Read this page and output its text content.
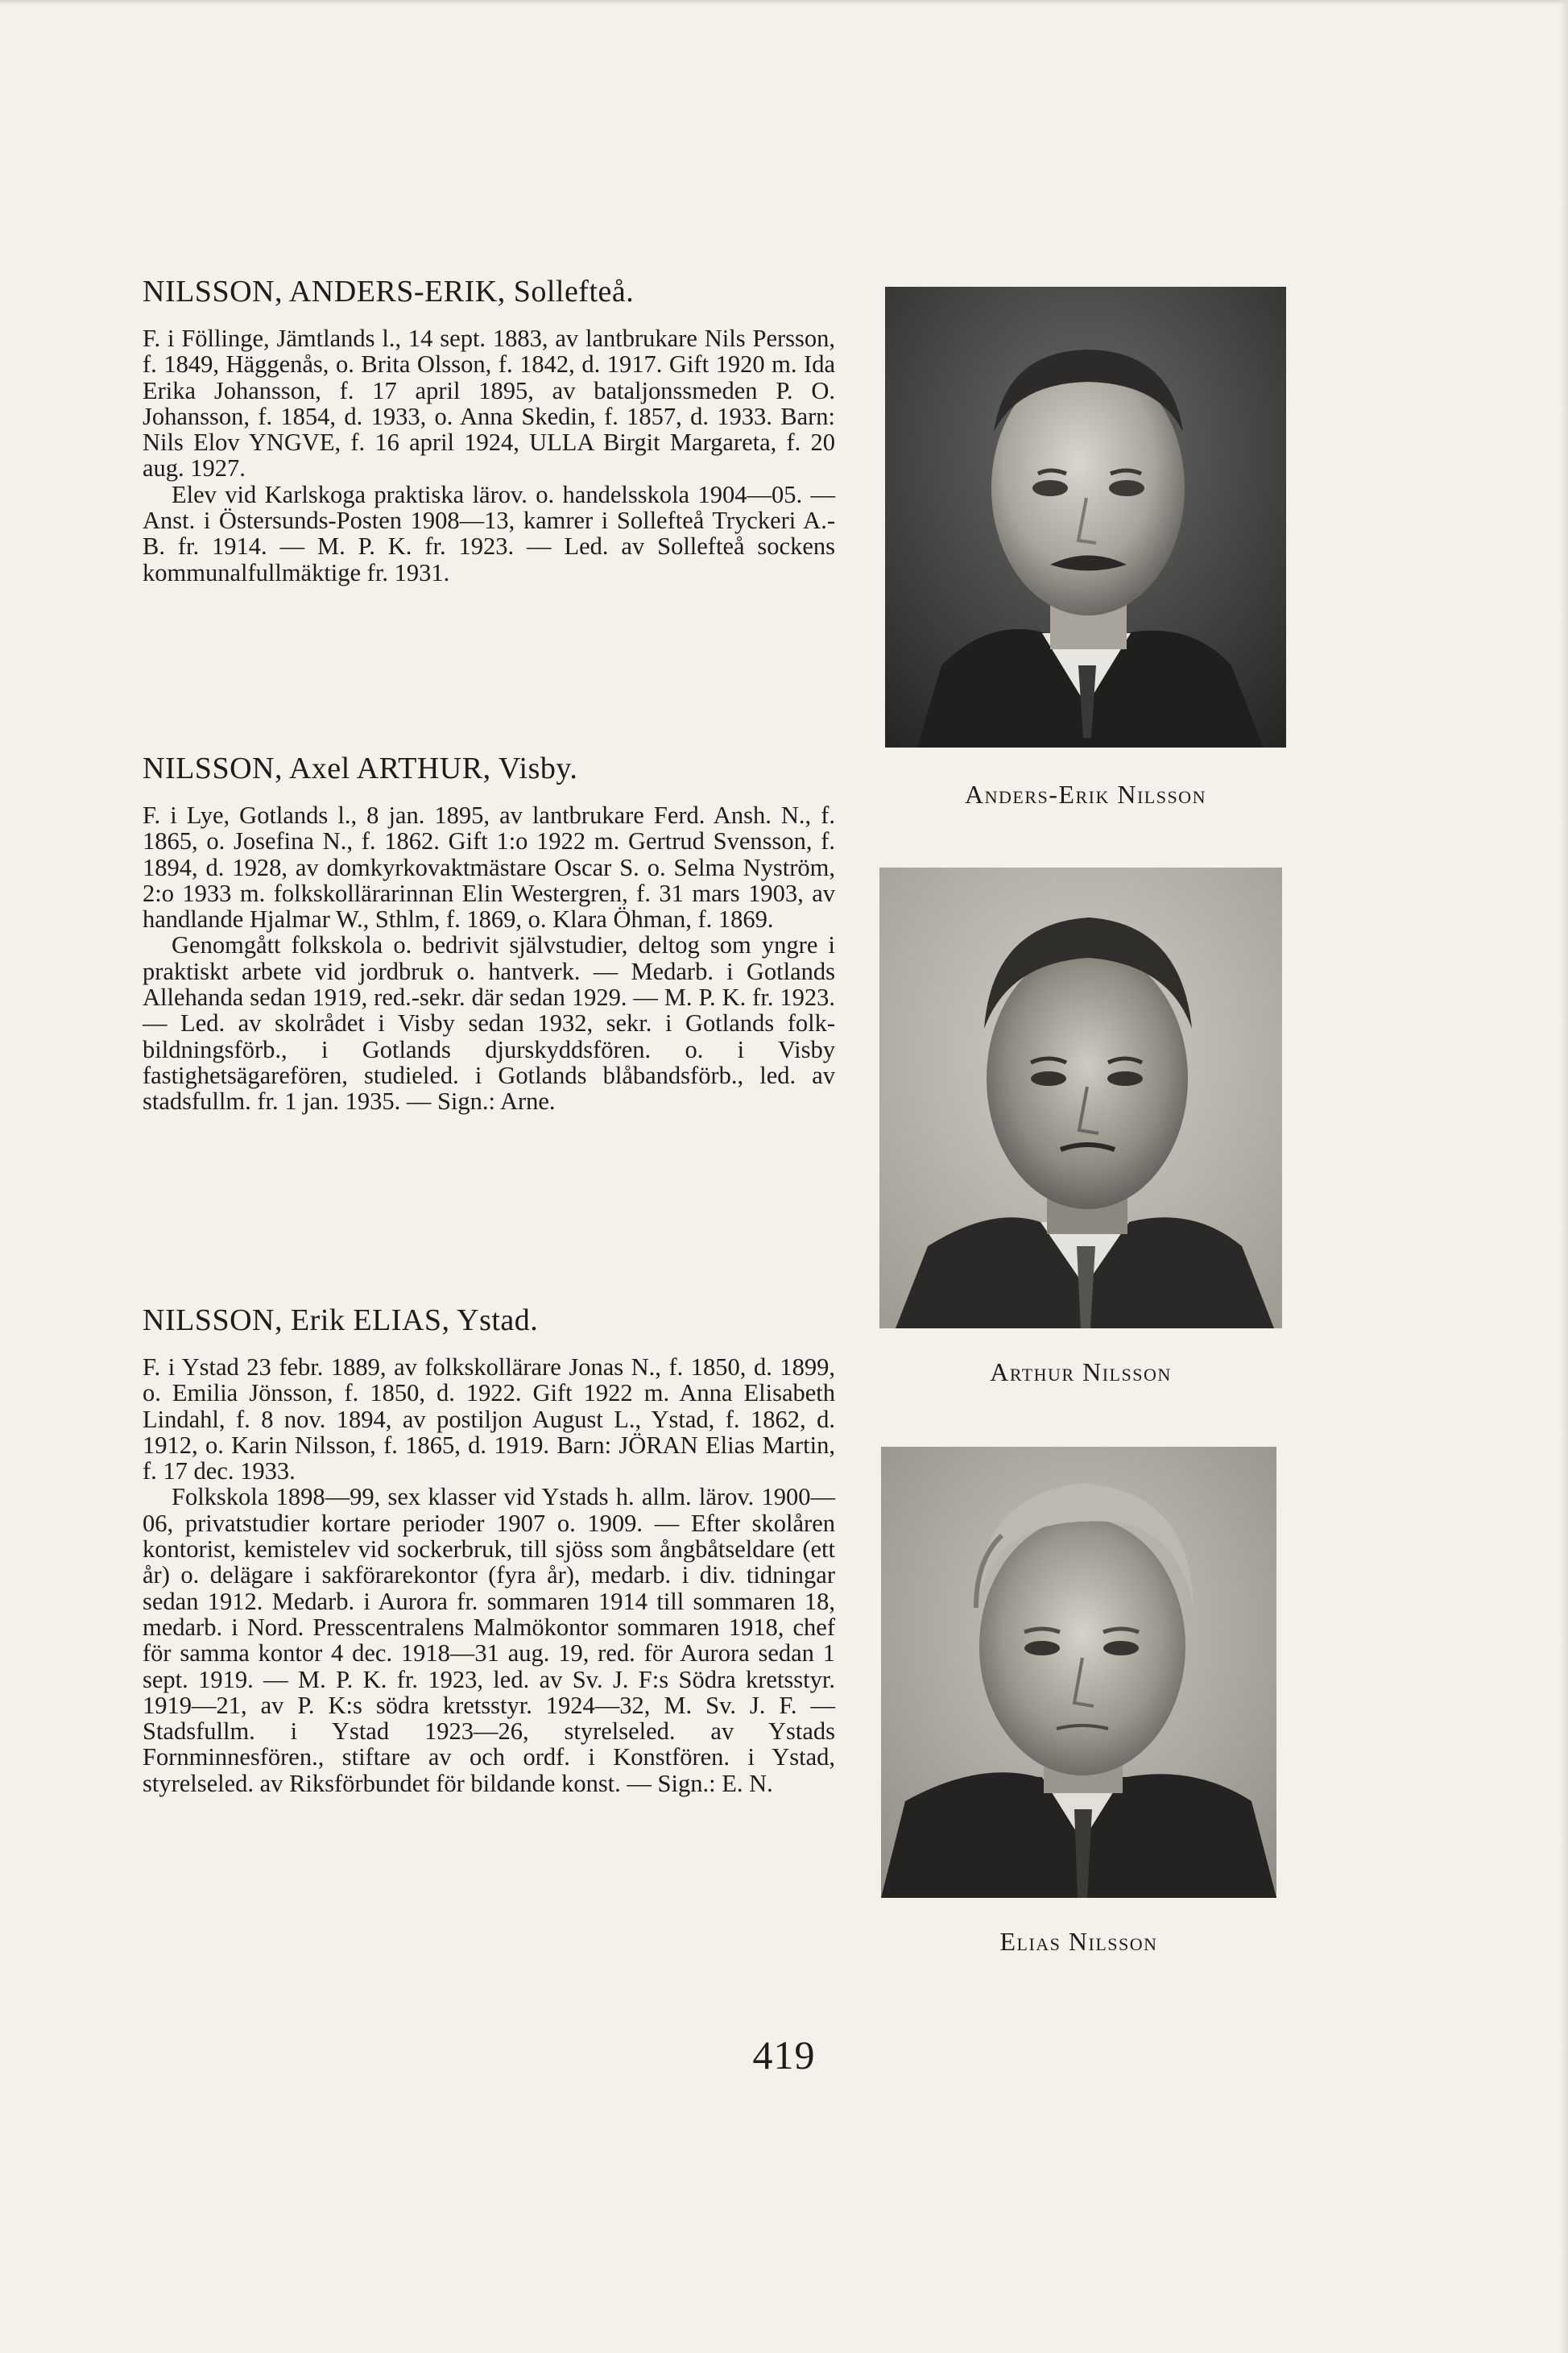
NILSSON, ANDERS-ERIK, Sollefteå.

F. i Föllinge, Jämtlands l., 14 sept. 1883, av lantbrukare Nils Persson, f. 1849, Häggenås, o. Brita Olsson, f. 1842, d. 1917. Gift 1920 m. Ida Erika Johansson, f. 17 april 1895, av bataljonssmeden P. O. Johansson, f. 1854, d. 1933, o. Anna Skedin, f. 1857, d. 1933. Barn: Nils Elov YNGVE, f. 16 april 1924, ULLA Birgit Margareta, f. 20 aug. 1927.

Elev vid Karlskoga praktiska lärov. o. handelsskola 1904—05. — Anst. i Östersunds-Posten 1908—13, kamrer i Sollefteå Tryckeri A.-B. fr. 1914. — M. P. K. fr. 1923. — Led. av Sollefteå sockens kommunalfullmäktige fr. 1931.

NILSSON, Axel ARTHUR, Visby.

F. i Lye, Gotlands l., 8 jan. 1895, av lantbrukare Ferd. Ansh. N., f. 1865, o. Josefina N., f. 1862. Gift 1:o 1922 m. Gertrud Svensson, f. 1894, d. 1928, av domkyrkovaktmästare Oscar S. o. Selma Nyström, 2:o 1933 m. folkskollärarinnan Elin Westergren, f. 31 mars 1903, av handlande Hjalmar W., Sthlm, f. 1869, o. Klara Öhman, f. 1869.

Genomgått folkskola o. bedrivit självstudier, deltog som yngre i praktiskt arbete vid jordbruk o. hantverk. — Medarb. i Gotlands Allehanda sedan 1919, red.-sekr. där sedan 1929. — M. P. K. fr. 1923. — Led. av skolrådet i Visby sedan 1932, sekr. i Gotlands folkbildningsförb., i Gotlands djurskyddsfören. o. i Visby fastighetsägarefören, studieled. i Gotlands blåbandsförb., led. av stadsfullm. fr. 1 jan. 1935. — Sign.: Arne.

NILSSON, Erik ELIAS, Ystad.

F. i Ystad 23 febr. 1889, av folkskollärare Jonas N., f. 1850, d. 1899, o. Emilia Jönsson, f. 1850, d. 1922. Gift 1922 m. Anna Elisabeth Lindahl, f. 8 nov. 1894, av postiljon August L., Ystad, f. 1862, d. 1912, o. Karin Nilsson, f. 1865, d. 1919. Barn: JÖRAN Elias Martin, f. 17 dec. 1933.

Folkskola 1898—99, sex klasser vid Ystads h. allm. lärov. 1900—06, privatstudier kortare perioder 1907 o. 1909. — Efter skolåren kontorist, kemistelev vid sockerbruk, till sjöss som ångbåtseldare (ett år) o. delägare i sakförarekontor (fyra år), medarb. i div. tidningar sedan 1912. Medarb. i Aurora fr. sommaren 1914 till sommaren 18, medarb. i Nord. Presscentralens Malmökontor sommaren 1918, chef för samma kontor 4 dec. 1918—31 aug. 19, red. för Aurora sedan 1 sept. 1919. — M. P. K. fr. 1923, led. av Sv. J. F:s Södra kretsstyr. 1919—21, av P. K:s södra kretsstyr. 1924—32, M. Sv. J. F. — Stadsfullm. i Ystad 1923—26, styrelseled. av Ystads Fornminnesfören., stiftare av och ordf. i Konstfören. i Ystad, styrelseled. av Riksförbundet för bildande konst. — Sign.: E. N.

Anders-Erik Nilsson
Arthur Nilsson
Elias Nilsson
419
